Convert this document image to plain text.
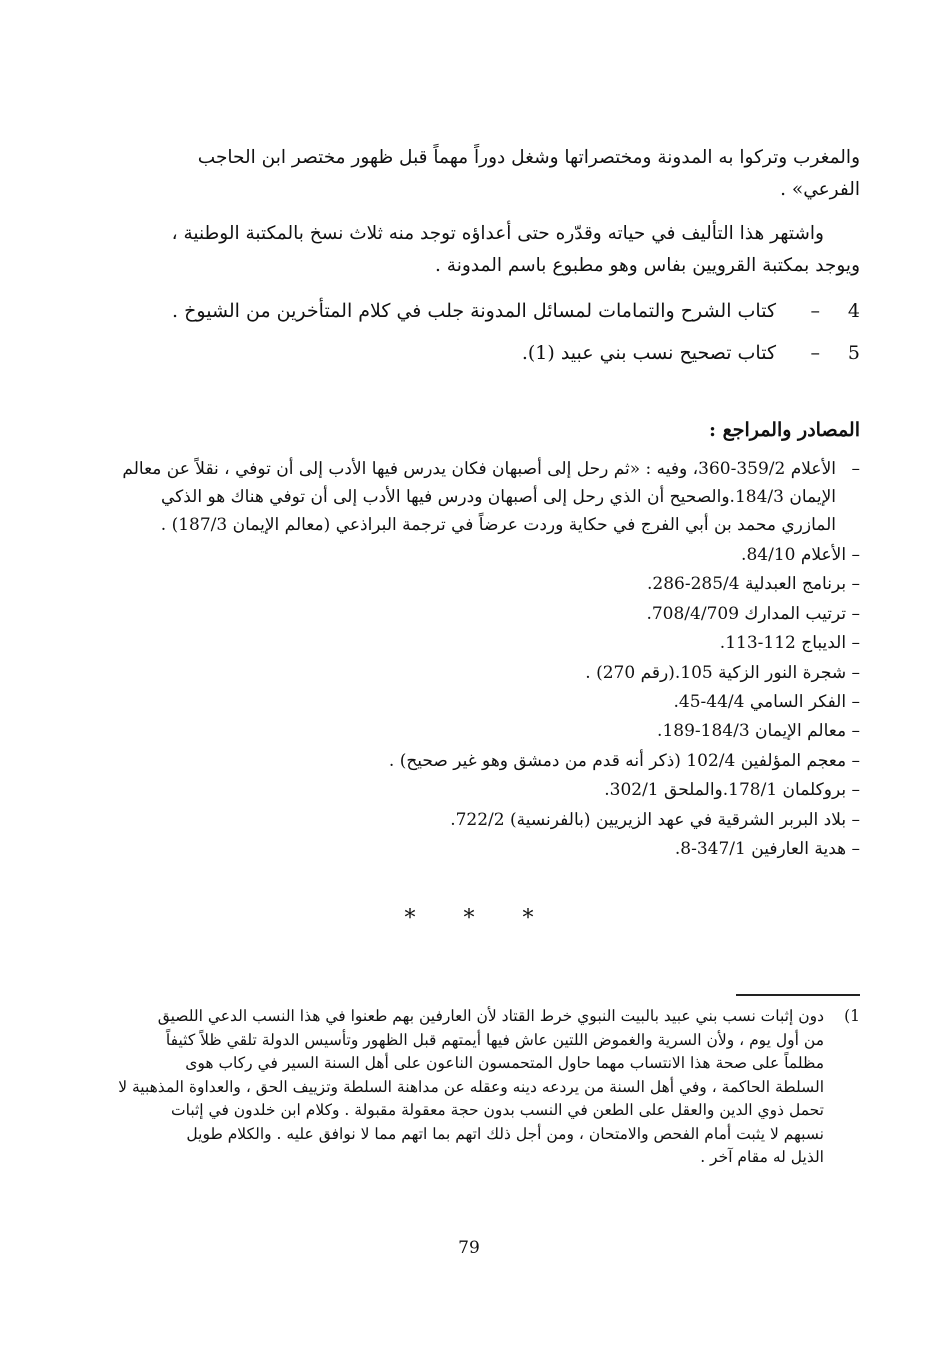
والمغرب وتركوا به المدونة ومختصراتها وشغل دوراً مهماً قبل ظهور مختصر ابن الحاجب

الفرعي» .

واشتهر هذا التأليف في حياته وقدّره حتى أعداؤه توجد منه ثلاث نسخ بالمكتبة الوطنية ،

ويوجد بمكتبة القرويين بفاس وهو مطبوع باسم المدونة .

4–كتاب الشرح والتمامات لمسائل المدونة جلب في كلام المتأخرين من الشيوخ .
5–كتاب تصحيح نسب بني عبيد (1).
المصادر والمراجع :

–الأعلام 359/2-360، وفيه : «ثم رحل إلى أصبهان فكان يدرس فيها الأدب إلى أن توفي ، نقلاً عن معالم

الإيمان 184/3.والصحيح أن الذي رحل إلى أصبهان ودرس فيها الأدب إلى أن توفي هناك هو الذكي

المازري محمد بن أبي الفرج في حكاية وردت عرضاً في ترجمة البراذعي (معالم الإيمان 187/3) .

– الأعلام 84/10.
– برنامج العبدلية 285/4-286.
– ترتيب المدارك 708/4/709.
– الديباج 112-113.
– شجرة النور الزكية 105.(رقم 270) .
– الفكر السامي 44/4-45.
– معالم الإيمان 184/3-189.
– معجم المؤلفين 102/4 (ذكر أنه قدم من دمشق وهو غير صحيح) .
– بروكلمان 178/1.والملحق 302/1.
– بلاد البربر الشرقية في عهد الزيريين (بالفرنسية) 722/2.
– هدية العارفين 347/1-8.
* * *
1)

دون إثبات نسب بني عبيد بالبيت النبوي خرط القتاد لأن العارفين بهم طعنوا في هذا النسب الدعي اللصيق

من أول يوم ، ولأن السرية والغموض اللتين عاش فيها أيمتهم قبل الظهور وتأسيس الدولة تلقي ظلاً كثيفاً

مظلماً على صحة هذا الانتساب مهما حاول المتحمسون الناعون على أهل السنة السير في ركاب هوى

السلطة الحاكمة ، وفي أهل السنة من يردعه دينه وعقله عن مداهنة السلطة وتزييف الحق ، والعداوة المذهبية لا

تحمل ذوي الدين والعقل على الطعن في النسب بدون حجة معقولة مقبولة . وكلام ابن خلدون في إثبات

نسبهم لا يثبت أمام الفحص والامتحان ، ومن أجل ذلك اتهم بما اتهم مما لا نوافق عليه . والكلام طويل

الذيل له مقام آخر .

79
